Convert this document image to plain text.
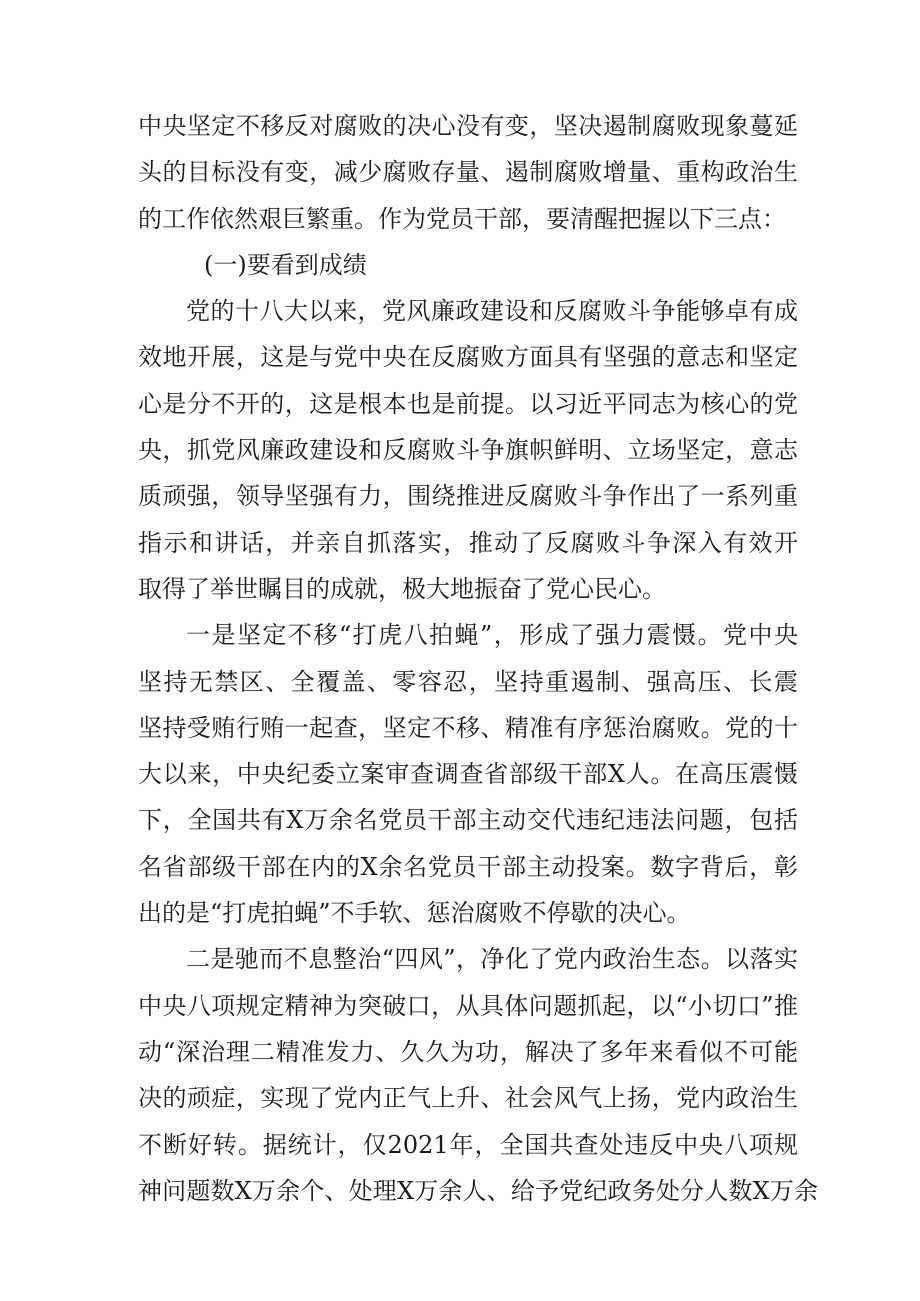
中央坚定不移反对腐败的决心没有变，坚决遏制腐败现象蔓延
头的目标没有变，减少腐败存量、遏制腐败增量、重构政治生
的工作依然艰巨繁重。作为党员干部，要清醒把握以下三点：
(一)要看到成绩
党的十八大以来，党风廉政建设和反腐败斗争能够卓有成
效地开展，这是与党中央在反腐败方面具有坚强的意志和坚定
心是分不开的，这是根本也是前提。以习近平同志为核心的党
央，抓党风廉政建设和反腐败斗争旗帜鲜明、立场坚定，意志
质顽强，领导坚强有力，围绕推进反腐败斗争作出了一系列重
指示和讲话，并亲自抓落实，推动了反腐败斗争深入有效开
取得了举世瞩目的成就，极大地振奋了党心民心。
一是坚定不移“打虎八拍蝇”，形成了强力震慑。党中央
坚持无禁区、全覆盖、零容忍，坚持重遏制、强高压、长震
坚持受贿行贿一起查，坚定不移、精准有序惩治腐败。党的十
大以来，中央纪委立案审查调查省部级干部X人。在高压震慑
下，全国共有X万余名党员干部主动交代违纪违法问题，包括
名省部级干部在内的X余名党员干部主动投案。数字背后，彰
出的是“打虎拍蝇”不手软、惩治腐败不停歇的决心。
二是驰而不息整治“四风”，净化了党内政治生态。以落实
中央八项规定精神为突破口，从具体问题抓起，以“小切口”推
动“深治理二精准发力、久久为功，解决了多年来看似不可能
决的顽症，实现了党内正气上升、社会风气上扬，党内政治生
不断好转。据统计，仅2021年，全国共查处违反中央八项规
神问题数X万余个、处理X万余人、给予党纪政务处分人数X万余
